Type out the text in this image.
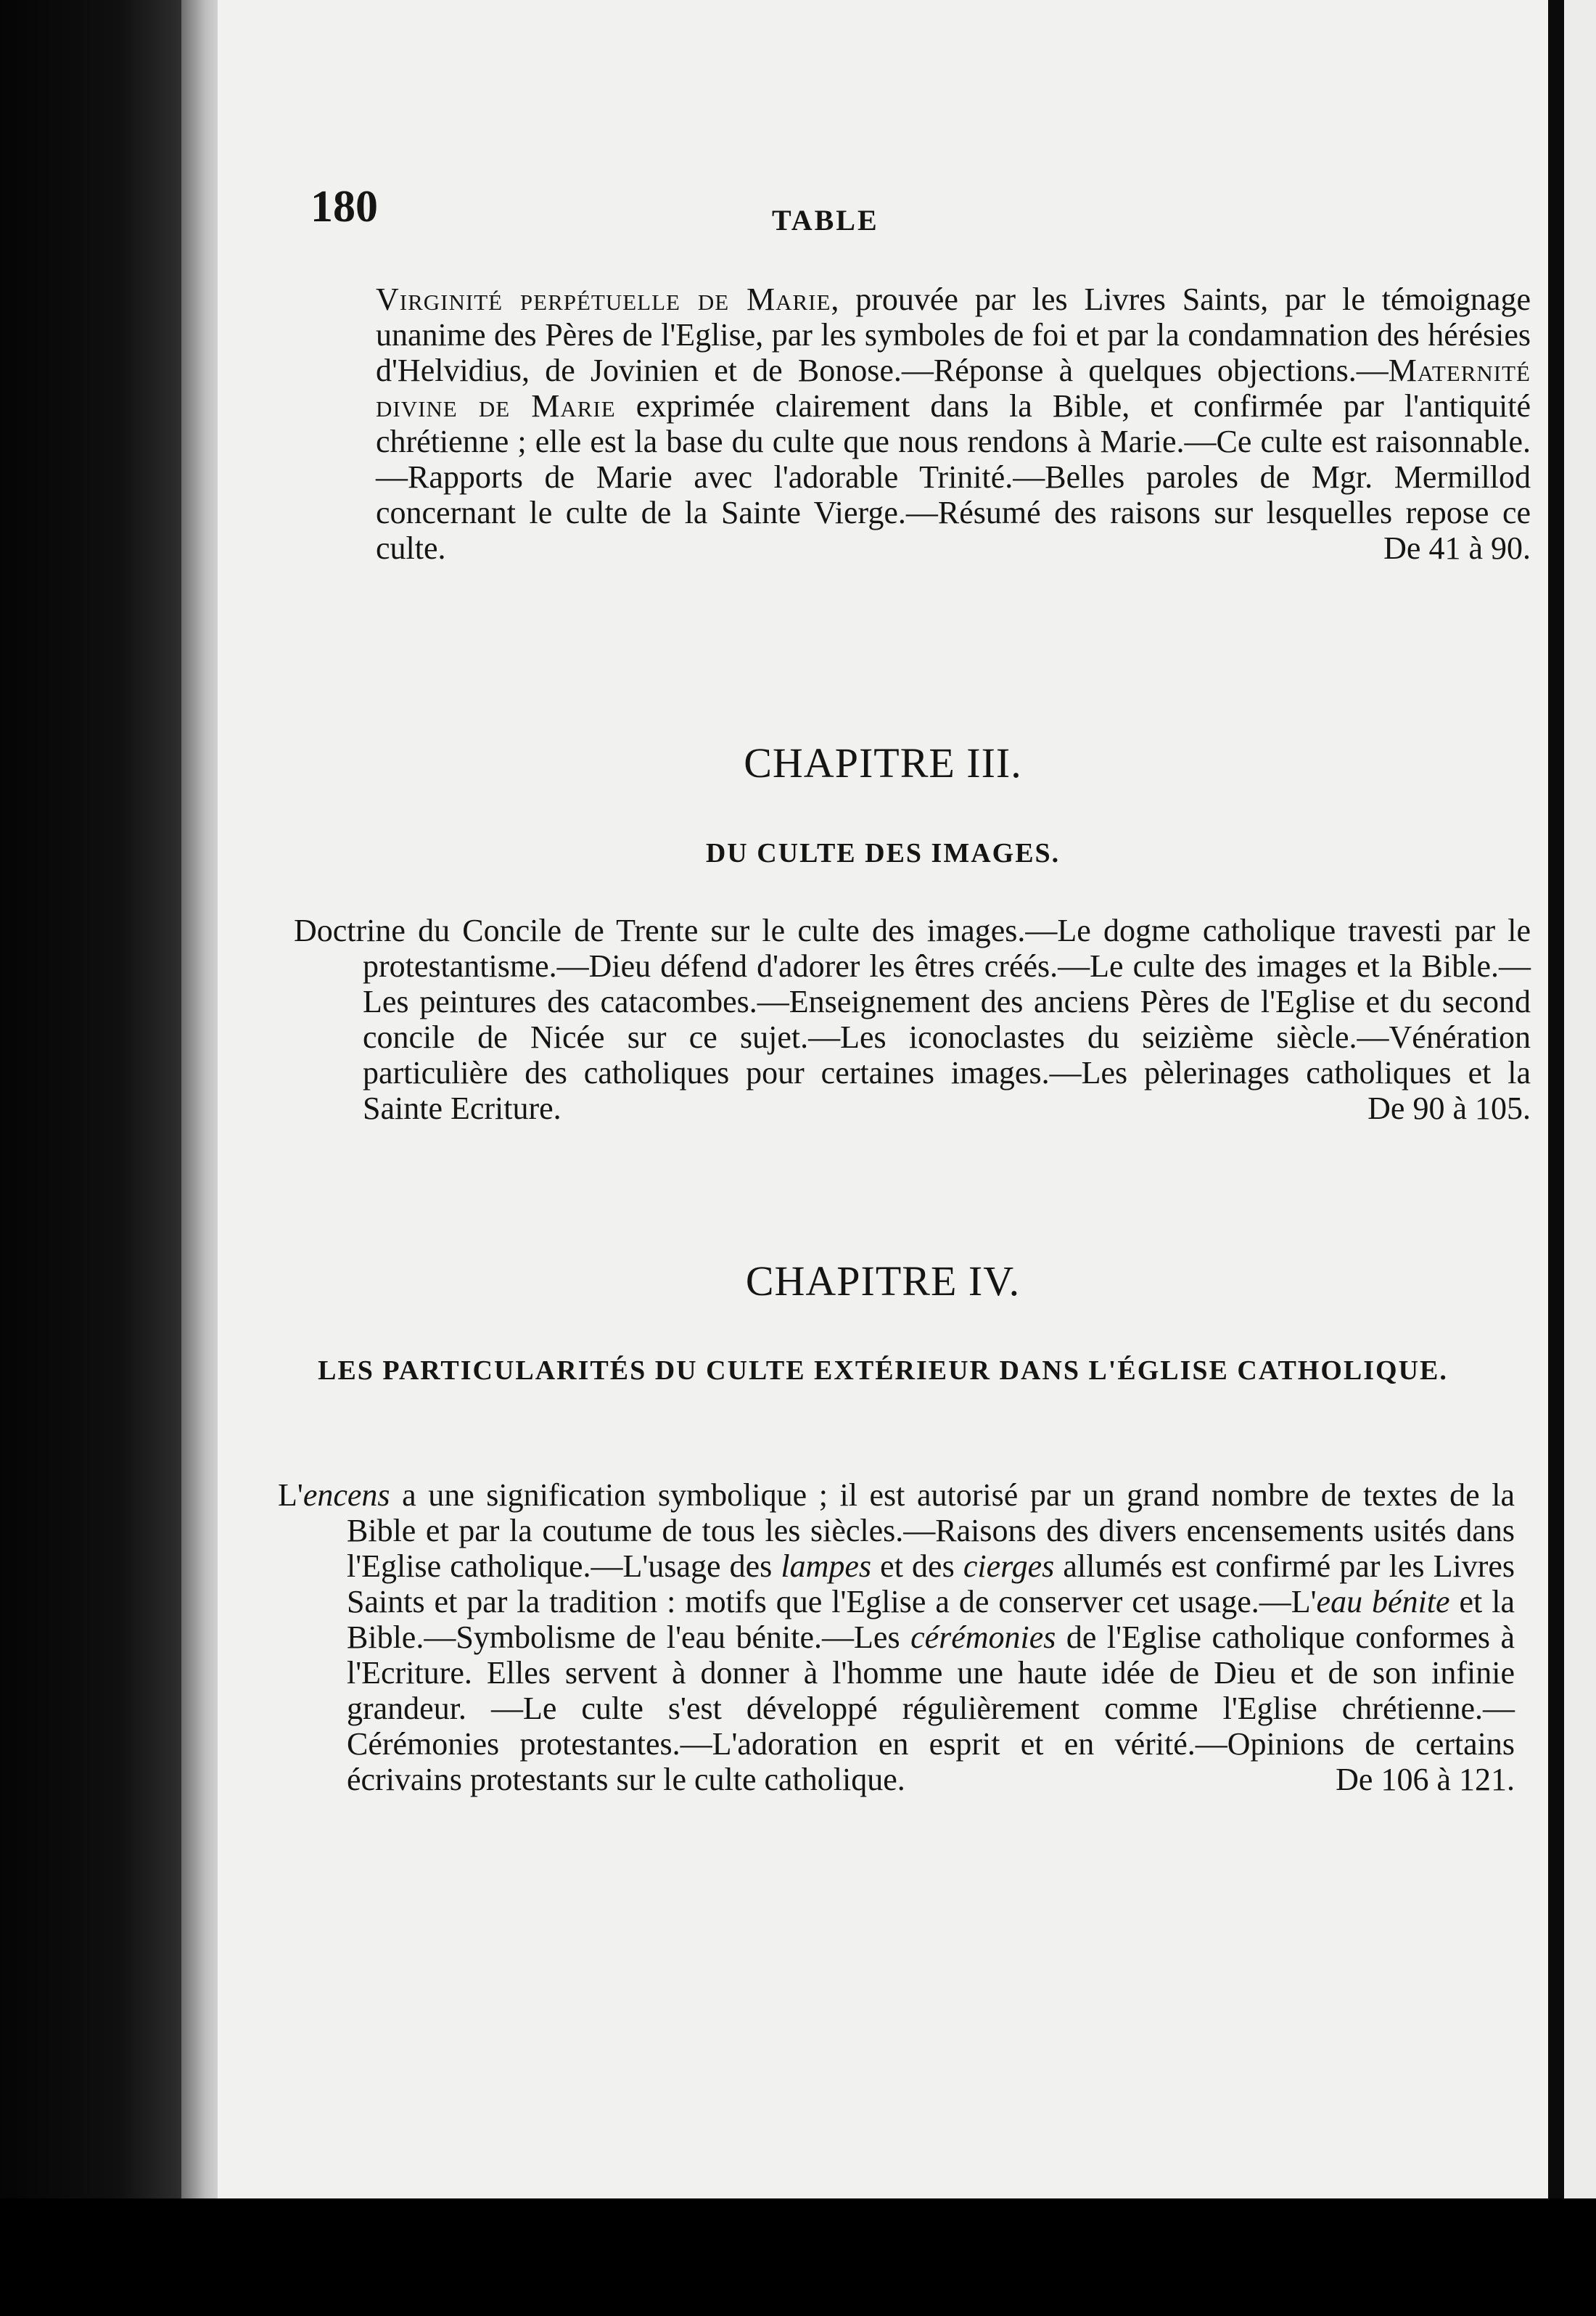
180	TABLE

Virginité perpétuelle de Marie, prouvée par les Livres Saints, par le témoignage unanime des Pères de l'Eglise, par les symboles de foi et par la condamnation des hérésies d'Helvidius, de Jovinien et de Bonose.—Réponse à quelques objections.—Maternité divine de Marie exprimée clairement dans la Bible, et confirmée par l'antiquité chrétienne ; elle est la base du culte que nous rendons à Marie.—Ce culte est raisonnable.—Rapports de Marie avec l'adorable Trinité.—Belles paroles de Mgr. Mermillod concernant le culte de la Sainte Vierge.—Résumé des raisons sur lesquelles repose ce culte.	De 41 à 90.

CHAPITRE III.
DU CULTE DES IMAGES.

Doctrine du Concile de Trente sur le culte des images.—Le dogme catholique travesti par le protestantisme.—Dieu défend d'adorer les êtres créés.—Le culte des images et la Bible.—Les peintures des catacombes.—Enseignement des anciens Pères de l'Eglise et du second concile de Nicée sur ce sujet.—Les iconoclastes du seizième siècle.—Vénération particulière des catholiques pour certaines images.—Les pèlerinages catholiques et la Sainte Ecriture.	De 90 à 105.

CHAPITRE IV.
LES PARTICULARITÉS DU CULTE EXTÉRIEUR DANS L'ÉGLISE CATHOLIQUE.

L'encens a une signification symbolique ; il est autorisé par un grand nombre de textes de la Bible et par la coutume de tous les siècles.—Raisons des divers encensements usités dans l'Eglise catholique.—L'usage des lampes et des cierges allumés est confirmé par les Livres Saints et par la tradition : motifs que l'Eglise a de conserver cet usage.—L'eau bénite et la Bible.—Symbolisme de l'eau bénite.—Les cérémonies de l'Eglise catholique conformes à l'Ecriture. Elles servent à donner à l'homme une haute idée de Dieu et de son infinie grandeur. —Le culte s'est développé régulièrement comme l'Eglise chrétienne.—Cérémonies protestantes.—L'adoration en esprit et en vérité.—Opinions de certains écrivains protestants sur le culte catholique.	De 106 à 121.
